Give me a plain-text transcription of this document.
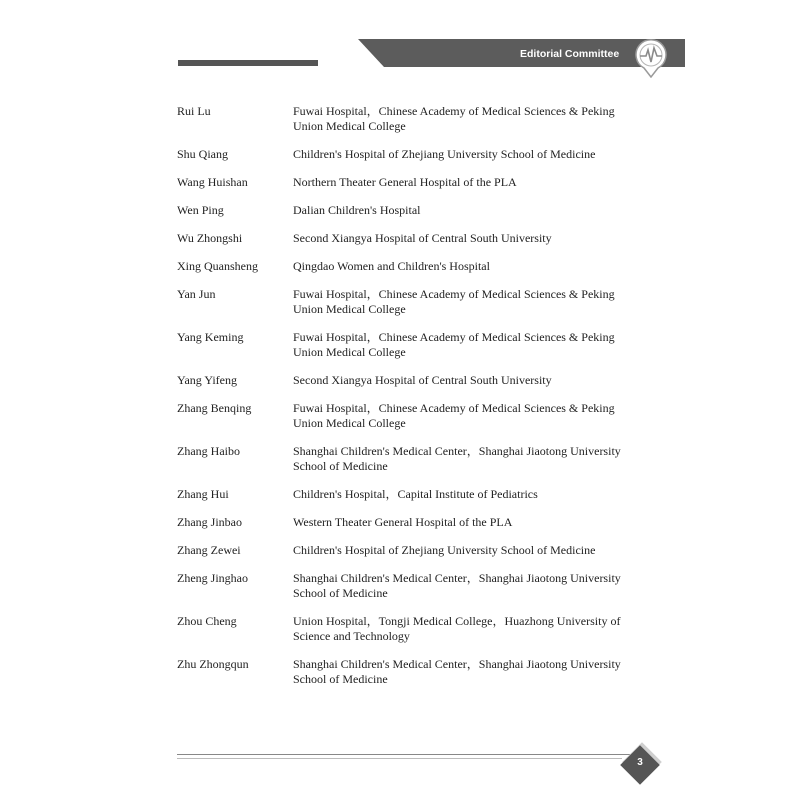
Editorial Committee
Rui Lu	Fuwai Hospital，Chinese Academy of Medical Sciences & Peking Union Medical College
Shu Qiang	Children's Hospital of Zhejiang University School of Medicine
Wang Huishan	Northern Theater General Hospital of the PLA
Wen Ping	Dalian Children's Hospital
Wu Zhongshi	Second Xiangya Hospital of Central South University
Xing Quansheng	Qingdao Women and Children's Hospital
Yan Jun	Fuwai Hospital，Chinese Academy of Medical Sciences & Peking Union Medical College
Yang Keming	Fuwai Hospital，Chinese Academy of Medical Sciences & Peking Union Medical College
Yang Yifeng	Second Xiangya Hospital of Central South University
Zhang Benqing	Fuwai Hospital，Chinese Academy of Medical Sciences & Peking Union Medical College
Zhang Haibo	Shanghai Children's Medical Center，Shanghai Jiaotong University School of Medicine
Zhang Hui	Children's Hospital，Capital Institute of Pediatrics
Zhang Jinbao	Western Theater General Hospital of the PLA
Zhang Zewei	Children's Hospital of Zhejiang University School of Medicine
Zheng Jinghao	Shanghai Children's Medical Center，Shanghai Jiaotong University School of Medicine
Zhou Cheng	Union Hospital，Tongji Medical College，Huazhong University of Science and Technology
Zhu Zhongqun	Shanghai Children's Medical Center，Shanghai Jiaotong University School of Medicine
3
